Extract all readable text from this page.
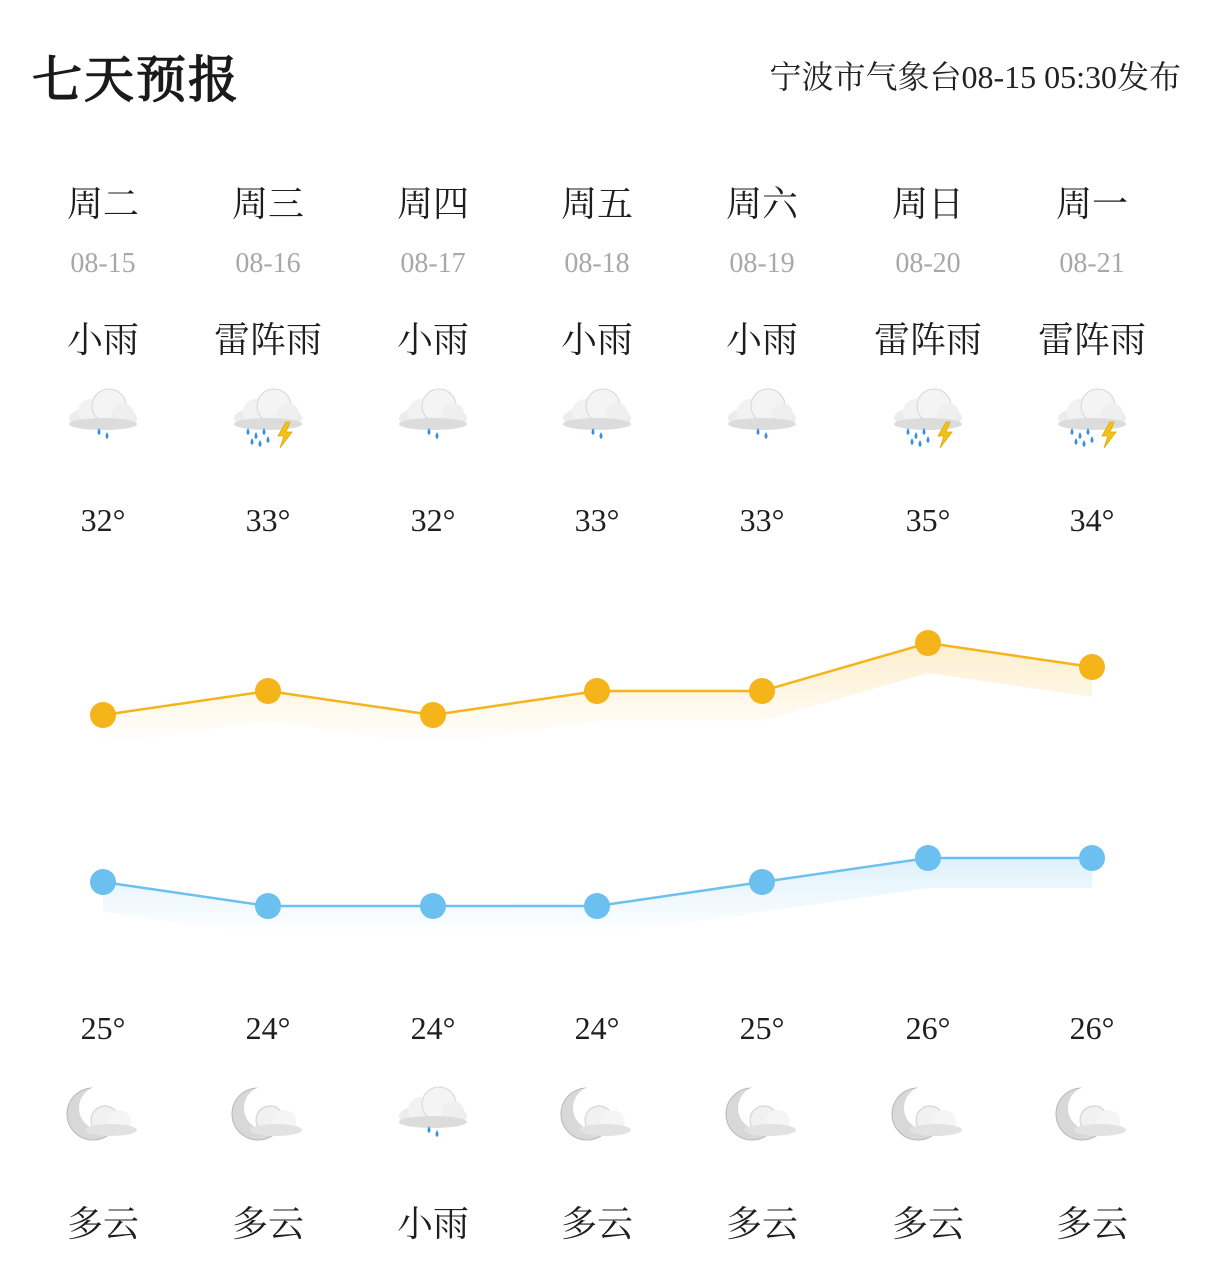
七天预报	宁波市气象台08-15 05:30发布
周二
08-15
小雨
32°
25°
多云
周三
08-16
雷阵雨
33°
24°
多云
周四
08-17
小雨
32°
24°
小雨
周五
08-18
小雨
33°
24°
多云
周六
08-19
小雨
33°
25°
多云
周日
08-20
雷阵雨
35°
26°
多云
周一
08-21
雷阵雨
34°
26°
多云
